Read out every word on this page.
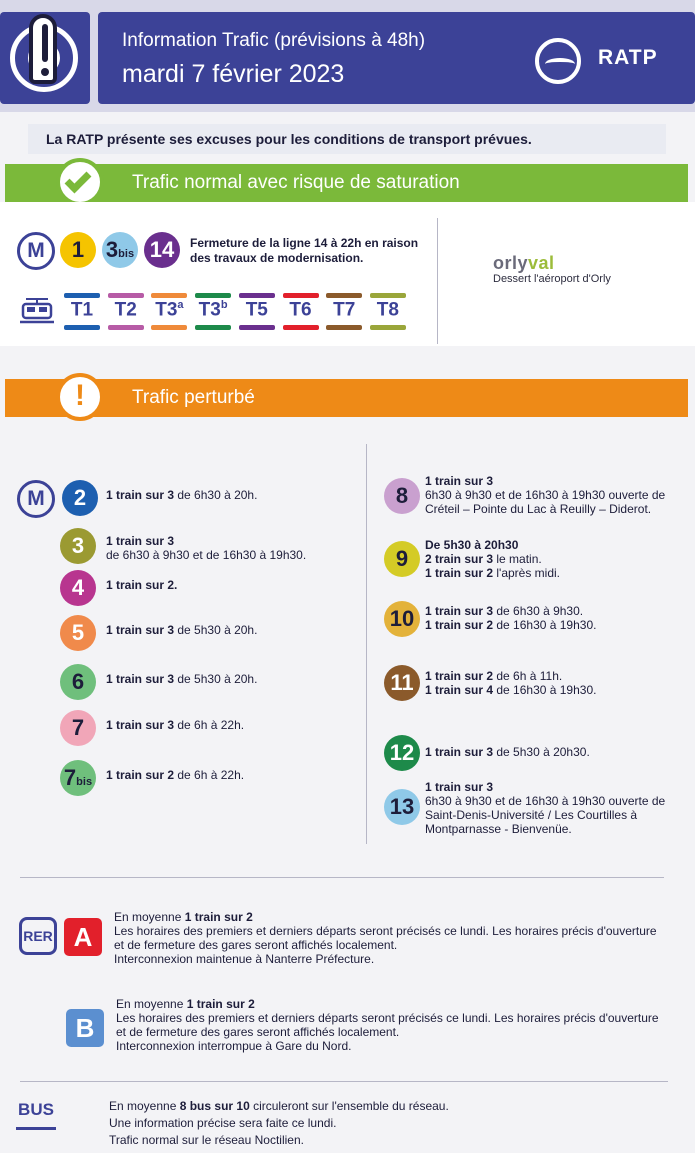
Information Trafic (prévisions à 48h)
mardi 7 février 2023
RATP
La RATP présente ses excuses pour les conditions de transport prévues.
Trafic normal avec risque de saturation
M	1 3bis 14	Fermeture de la ligne 14 à 22h en raison des travaux de modernisation.
T1	T2 T3$^a$ T3$^b$ T5	T6	T7	T8
orlyval
Dessert l'aéroport d'Orly
!	Trafic perturbé
M	2	1 train sur 3 de 6h30 à 20h.
3	1 train sur 3
de 6h30 à 9h30 et de 16h30 à 19h30.
4	1 train sur 2.
5	1 train sur 3 de 5h30 à 20h.
6	1 train sur 3 de 5h30 à 20h.
7	1 train sur 3 de 6h à 22h.
7bis	1 train sur 2 de 6h à 22h.
8
1 train sur 3
6h30 à 9h30 et de 16h30 à 19h30 ouverte de
Créteil – Pointe du Lac à Reuilly – Diderot.
9
De 5h30 à 20h30
2 train sur 3 le matin.
1 train sur 2 l'après midi.
10 1 train sur 3 de 6h30 à 9h30.
1 train sur 2 de 16h30 à 19h30.
11 1 train sur 2 de 6h à 11h.
1 train sur 4 de 16h30 à 19h30.
12 1 train sur 3 de 5h30 à 20h30.
13
1 train sur 3
6h30 à 9h30 et de 16h30 à 19h30 ouverte de
Saint-Denis-Université / Les Courtilles à
Montparnasse - Bienvenüe.
RER A
En moyenne 1 train sur 2
Les horaires des premiers et derniers départs seront précisés ce lundi. Les horaires précis d'ouverture
et de fermeture des gares seront affichés localement.
Interconnexion maintenue à Nanterre Préfecture.
B
En moyenne 1 train sur 2
Les horaires des premiers et derniers départs seront précisés ce lundi. Les horaires précis d'ouverture
et de fermeture des gares seront affichés localement.
Interconnexion interrompue à Gare du Nord.
BUS	En moyenne 8 bus sur 10 circuleront sur l'ensemble du réseau.
Une information précise sera faite ce lundi.
Trafic normal sur le réseau Noctilien.
